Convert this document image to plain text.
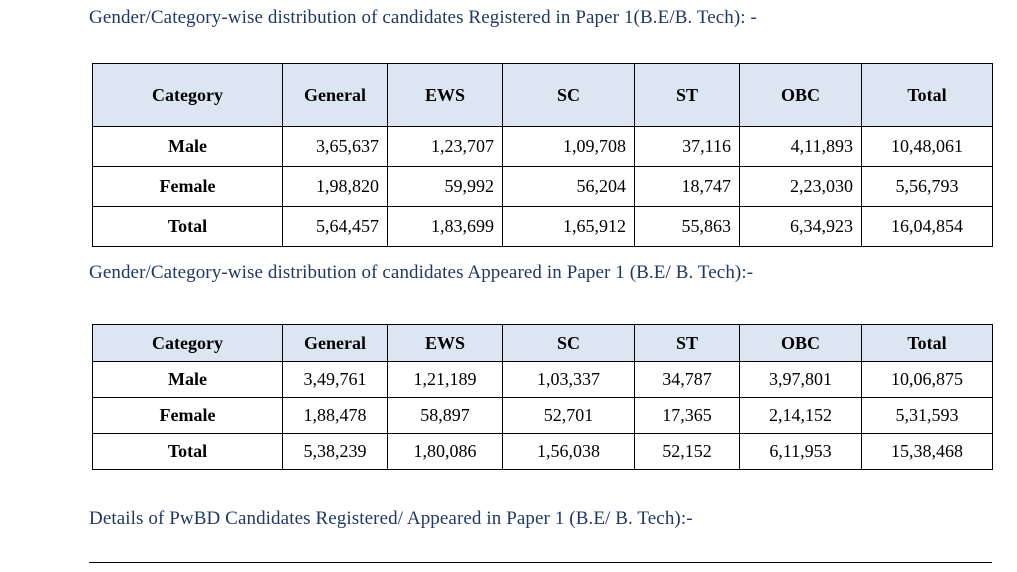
Gender/Category-wise distribution of candidates Registered in Paper 1(B.E/B. Tech): -
Category	General	EWS	SC	ST	OBC	Total
Male	3,65,637	1,23,707	1,09,708	37,116	4,11,893	10,48,061
Female	1,98,820	59,992	56,204	18,747	2,23,030	5,56,793
Total	5,64,457	1,83,699	1,65,912	55,863	6,34,923	16,04,854
Gender/Category-wise distribution of candidates Appeared in Paper 1 (B.E/ B. Tech):-
Category	General	EWS	SC	ST	OBC	Total
Male	3,49,761	1,21,189	1,03,337	34,787	3,97,801	10,06,875
Female	1,88,478	58,897	52,701	17,365	2,14,152	5,31,593
Total	5,38,239	1,80,086	1,56,038	52,152	6,11,953	15,38,468
Details of PwBD Candidates Registered/ Appeared in Paper 1 (B.E/ B. Tech):-
